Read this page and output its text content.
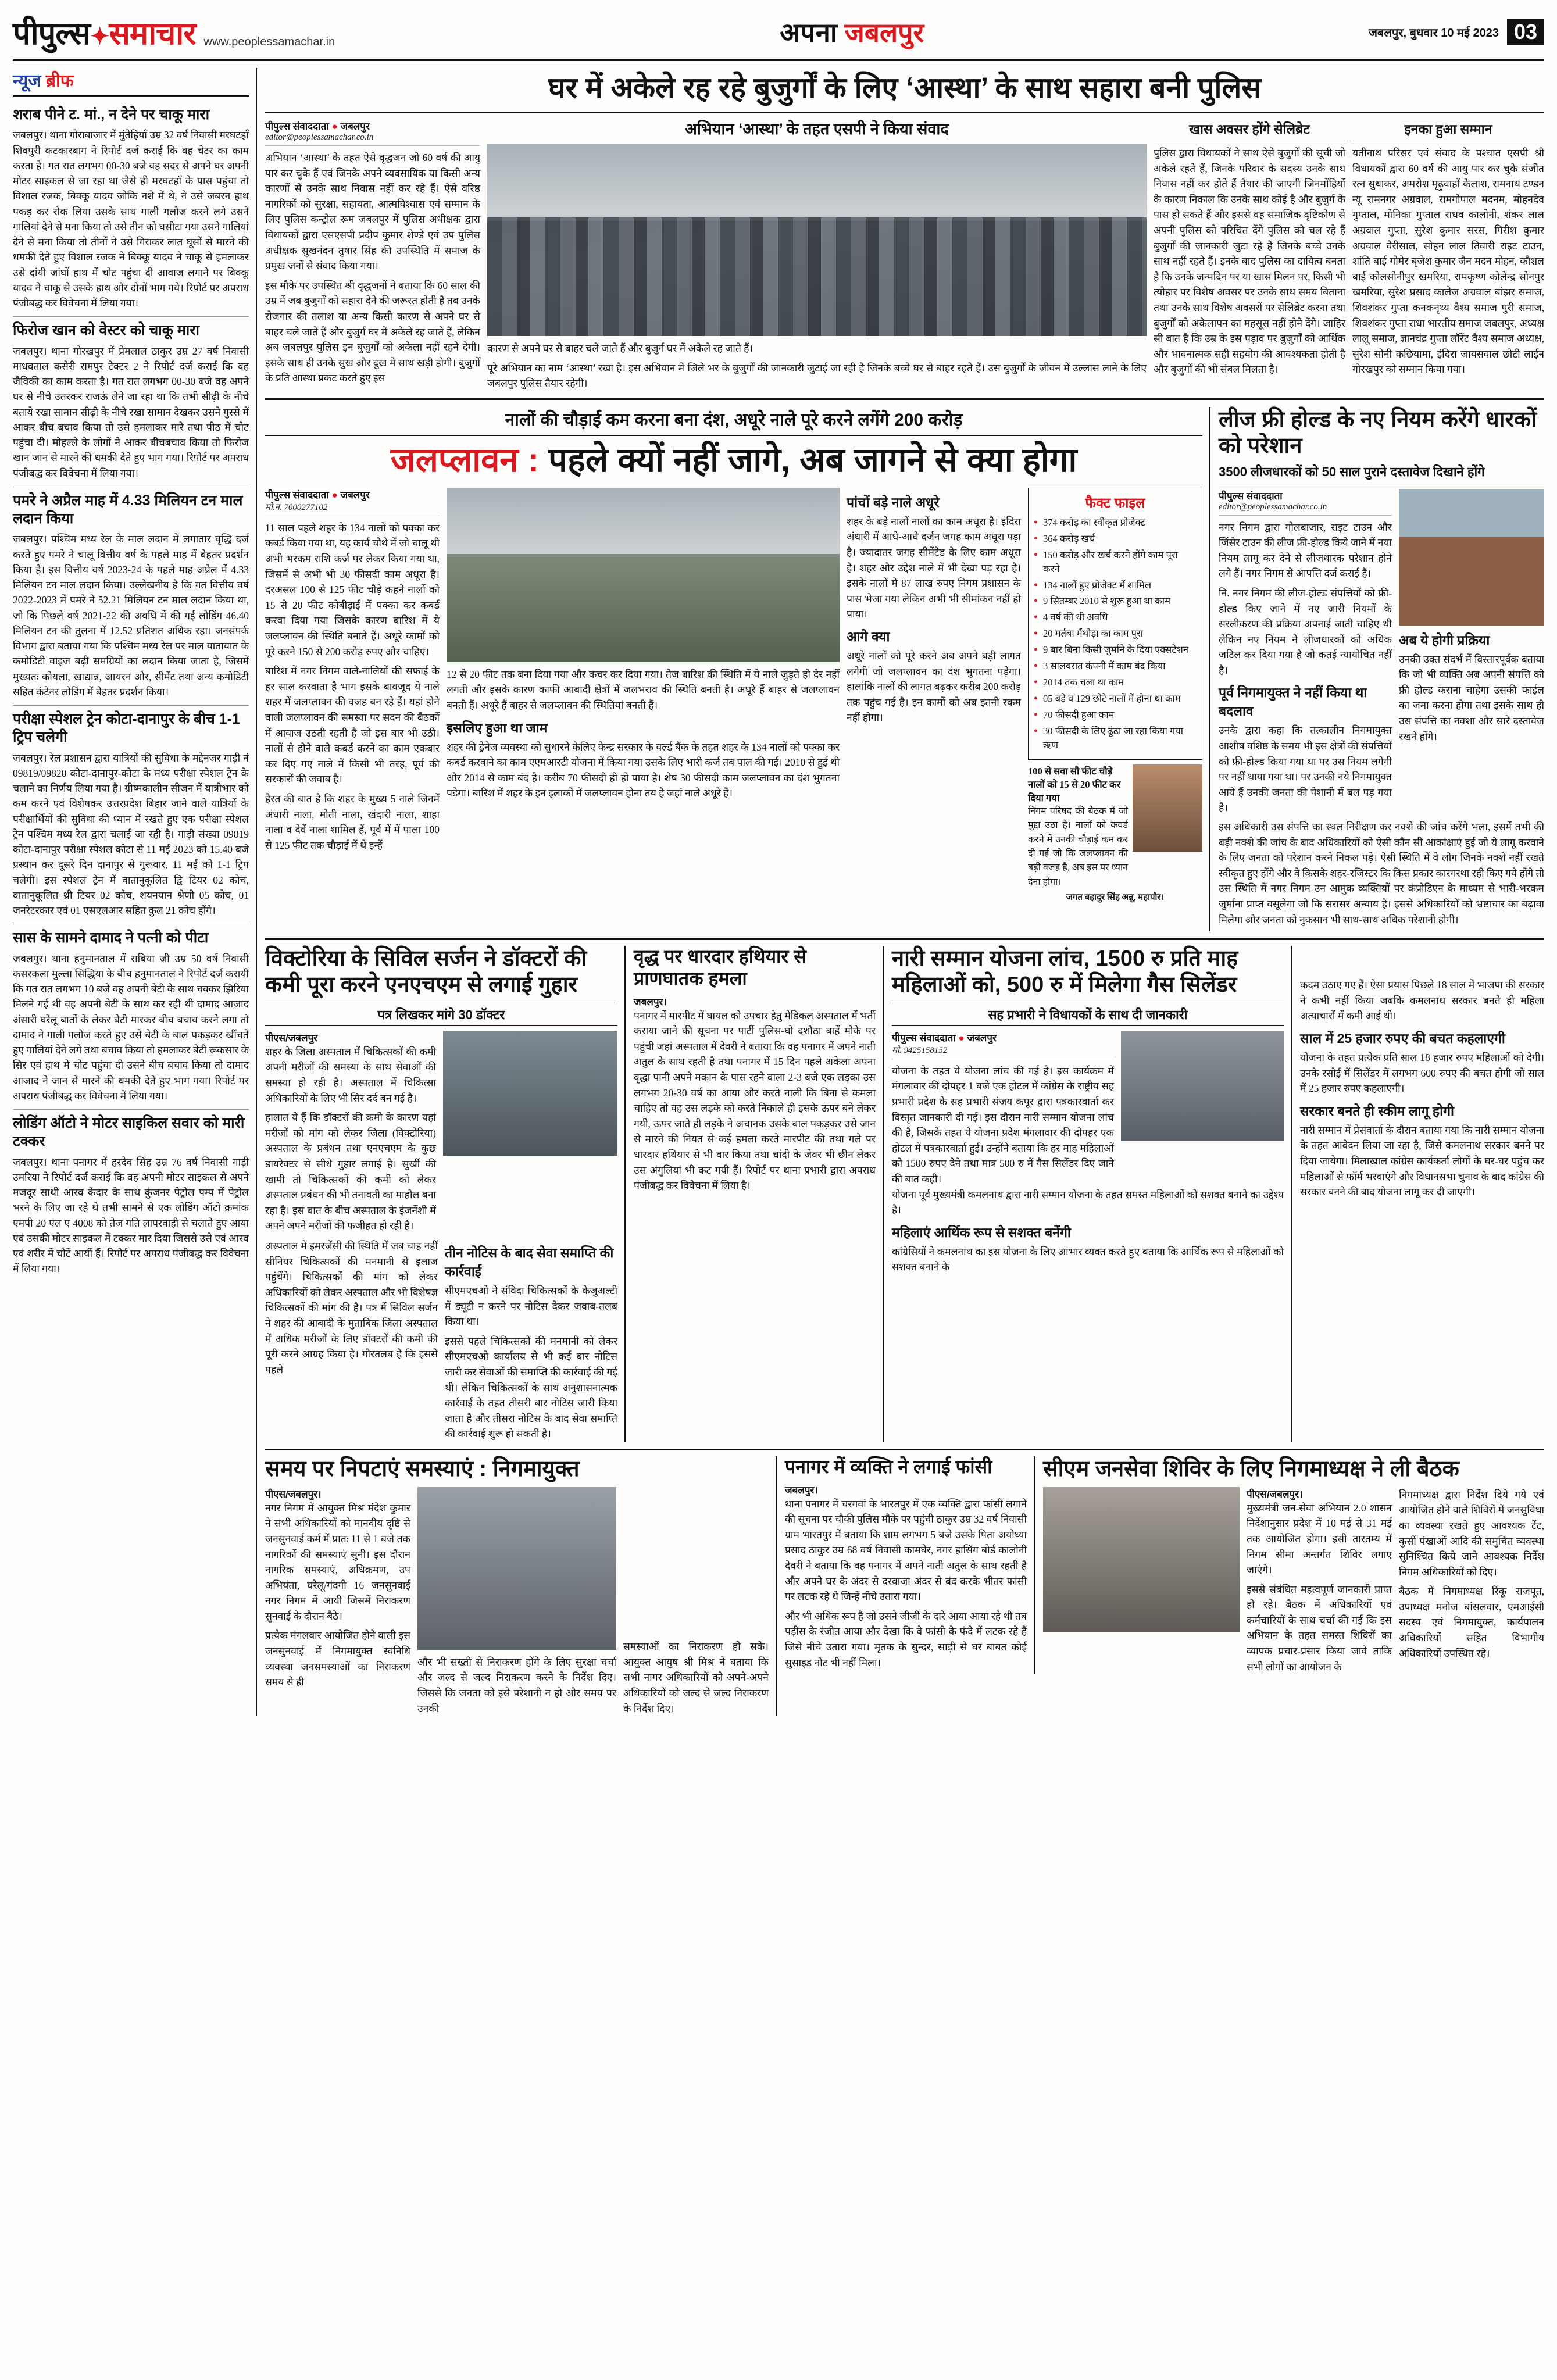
पीपुल्स✦समाचार www.peoplessamachar.in	अपना जबलपुर	जबलपुर, बुधवार 10 मई 2023 03
न्यूज ब्रीफ
शराब पीने ट. मां., न देने पर चाकू मारा
जबलपुर। थाना गोराबाजार में मुंतेहियाँ उम्र 32 वर्ष निवासी मरघटहाँ शिवपुरी कटकारबाग ने रिपोर्ट दर्ज कराई कि वह चेटर का काम करता है। गत रात लगभग 00-30 बजे वह सदर से अपने घर अपनी मोटर साइकल से जा रहा था जैसे ही मरघटहाँ के पास पहुंचा तो विशाल रजक, बिक्कू यादव जोकि नशे में थे, ने उसे जबरन हाथ पकड़ कर रोक लिया उसके साथ गाली गलौज करने लगे उसने गालियां देने से मना किया तो उसे तीन को घसीटा गया उसने गालियां देने से मना किया तो तीनों ने उसे गिराकर लात घूसों से मारने की धमकी देते हुए विशाल रजक ने बिक्कू यादव ने चाकू से हमलाकर उसे दांयी जांघों हाथ में चोट पहुंचा दी आवाज लगाने पर बिक्कू यादव ने चाकू से उसके हाथ और दोनों भाग गये। रिपोर्ट पर अपराध पंजीबद्ध कर विवेचना में लिया गया।
फिरोज खान को वेस्टर को चाकू मारा
जबलपुर। थाना गोरखपुर में प्रेमलाल ठाकुर उम्र 27 वर्ष निवासी माधवताल कसेरी रामपुर टेक्टर 2 ने रिपोर्ट दर्ज कराई कि वह जैविकी का काम करता है। गत रात लगभग 00-30 बजे वह अपने घर से नीचे उतरकर राजऊं लेने जा रहा था कि तभी सीढ़ी के नीचे बताये रखा सामान सीढ़ी के नीचे रखा सामान देखकर उसने गुस्से में आकर बीच बचाव किया तो उसे हमलाकर मारे तथा पीठ में चोट पहुंचा दी। मोहल्ले के लोगों ने आकर बीचबचाव किया तो फिरोज खान जान से मारने की धमकी देते हुए भाग गया। रिपोर्ट पर अपराध पंजीबद्ध कर विवेचना में लिया गया।
पमरे ने अप्रैल माह में 4.33 मिलियन टन माल लदान किया
जबलपुर। पश्चिम मध्य रेल के माल लदान में लगातार वृद्धि दर्ज करते हुए पमरे ने चालू वित्तीय वर्ष के पहले माह में बेहतर प्रदर्शन किया है। इस वित्तीय वर्ष 2023-24 के पहले माह अप्रैल में 4.33 मिलियन टन माल लदान किया। उल्लेखनीय है कि गत वित्तीय वर्ष 2022-2023 में पमरे ने 52.21 मिलियन टन माल लदान किया था, जो कि पिछले वर्ष 2021-22 की अवधि में की गई लोडिंग 46.40 मिलियन टन की तुलना में 12.52 प्रतिशत अधिक रहा। जनसंपर्क विभाग द्वारा बताया गया कि पश्चिम मध्य रेल पर माल यातायात के कमोडिटी वाइज बढ़ी समग्रियों का लदान किया जाता है, जिसमें मुख्यतः कोयला, खाद्यान्न, आयरन ओर, सीमेंट तथा अन्य कमोडिटी सहित कंटेनर लोडिंग में बेहतर प्रदर्शन किया।
परीक्षा स्पेशल ट्रेन कोटा-दानापुर के बीच 1-1 ट्रिप चलेगी
जबलपुर। रेल प्रशासन द्वारा यात्रियों की सुविधा के मद्देनजर गाड़ी नं 09819/09820 कोटा-दानापुर-कोटा के मध्य परीक्षा स्पेशल ट्रेन के चलाने का निर्णय लिया गया है। ग्रीष्मकालीन सीजन में यात्रीभार को कम करने एवं विशेषकर उत्तरप्रदेश बिहार जाने वाले यात्रियों के परीक्षार्थियों की सुविधा की ध्यान में रखते हुए एक परीक्षा स्पेशल ट्रेन पश्चिम मध्य रेल द्वारा चलाई जा रही है। गाड़ी संख्या 09819 कोटा-दानापुर परीक्षा स्पेशल कोटा से 11 मई 2023 को 15.40 बजे प्रस्थान कर दूसरे दिन दानापुर से गुरूवार, 11 मई को 1-1 ट्रिप चलेगी। इस स्पेशल ट्रेन में वातानुकूलित द्वि टियर 02 कोच, वातानुकूलित थ्री टियर 02 कोच, शयनयान श्रेणी 05 कोच, 01 जनरेटरकार एवं 01 एसएलआर सहित कुल 21 कोच होंगे।
सास के सामने दामाद ने पत्नी को पीटा
जबलपुर। थाना हनुमानताल में राबिया जी उम्र 50 वर्ष निवासी कसरकला मुल्ला सिद्धिया के बीच हनुमानताल ने रिपोर्ट दर्ज करायी कि गत रात लगभग 10 बजे वह अपनी बेटी के साथ चक्कर झिरिया मिलने गई थी वह अपनी बेटी के साथ कर रही थी दामाद आजाद अंसारी घरेलू बातों के लेकर बेटी मारकर बीच बचाव करने लगा तो दामाद ने गाली गलौज करते हुए उसे बेटी के बाल पकड़कर खींचते हुए गालियां देने लगे तथा बचाव किया तो हमलाकर बेटी रूकसार के सिर एवं हाथ में चोट पहुंचा दी उसने बीच बचाव किया तो दामाद आजाद ने जान से मारने की धमकी देते हुए भाग गया। रिपोर्ट पर अपराध पंजीबद्ध कर विवेचना में लिया गया।
लोडिंग ऑटो ने मोटर साइकिल सवार को मारी टक्कर
जबलपुर। थाना पनागर में हरदेव सिंह उम्र 76 वर्ष निवासी गाड़ी उमरिया ने रिपोर्ट दर्ज कराई कि वह अपनी मोटर साइकल से अपने मजदूर साथी आरव केदार के साथ कुंजनर पेट्रोल पम्प में पेट्रोल भरने के लिए जा रहे थे तभी सामने से एक लोडिंग ऑटो क्रमांक एमपी 20 एल ए 4008 को तेज गति लापरवाही से चलाते हुए आया एवं उसकी मोटर साइकल में टक्कर मार दिया जिससे उसे एवं आरव एवं शरीर में चोटें आयीं हैं। रिपोर्ट पर अपराध पंजीबद्ध कर विवेचना में लिया गया।
घर में अकेले रह रहे बुजुर्गों के लिए ‘आस्था’ के साथ सहारा बनी पुलिस
पीपुल्स संवाददाता ● जबलपुर
editor@peoplessamachar.co.in
अभियान ‘आस्था’ के तहत ऐसे वृद्धजन जो 60 वर्ष की आयु पार कर चुके हैं एवं जिनके अपने व्यवसायिक या किसी अन्य कारणों से उनके साथ निवास नहीं कर रहे हैं। ऐसे वरिष्ठ नागरिकों को सुरक्षा, सहायता, आत्मविश्वास एवं सम्मान के लिए पुलिस कन्ट्रोल रूम जबलपुर में पुलिस अधीक्षक द्वारा विधायकों द्वारा एसएसपी प्रदीप कुमार शेण्डे एवं उप पुलिस अधीक्षक सुखनंदन तुषार सिंह की उपस्थिति में समाज के प्रमुख जनों से संवाद किया गया।
इस मौके पर उपस्थित श्री वृद्धजनों ने बताया कि 60 साल की उम्र में जब बुजुर्गों को सहारा देने की जरूरत होती है तब उनके रोजगार की तलाश या अन्य किसी कारण से अपने घर से बाहर चले जाते हैं और बुजुर्ग घर में अकेले रह जाते हैं, लेकिन अब जबलपुर पुलिस इन बुजुर्गों को अकेला नहीं रहने देगी। इसके साथ ही उनके सुख और दुख में साथ खड़ी होगी। बुजुर्गों के प्रति आस्था प्रकट करते हुए इस
अभियान ‘आस्था’ के तहत एसपी ने किया संवाद
कारण से अपने घर से बाहर चले जाते हैं और बुजुर्ग घर में अकेले रह जाते हैं।
पूरे अभियान का नाम ‘आस्था’ रखा है। इस अभियान में जिले भर के बुजुर्गों की जानकारी जुटाई जा रही है जिनके बच्चे घर से बाहर रहते हैं। उस बुजुर्गों के जीवन में उल्लास लाने के लिए जबलपुर पुलिस तैयार रहेगी।
खास अवसर होंगे सेलिब्रेट
पुलिस द्वारा विधायकों ने साथ ऐसे बुजुर्गों की सूची जो अकेले रहते हैं, जिनके परिवार के सदस्य उनके साथ निवास नहीं कर होते हैं तैयार की जाएगी जिनमोंहियों के कारण निकाल कि उनके साथ कोई है और बुजुर्ग के पास हो सकते हैं और इससे वह समाजिक दृष्टिकोण से अपनी पुलिस को परिचित देंगे पुलिस को चल रहे हैं बुजुर्गों की जानकारी जुटा रहे हैं जिनके बच्चे उनके साथ नहीं रहते हैं। इनके बाद पुलिस का दायित्व बनता है कि उनके जन्मदिन पर या खास मिलन पर, किसी भी त्यौहार पर विशेष अवसर पर उनके साथ समय बिताना तथा उनके साथ विशेष अवसरों पर सेलिब्रेट करना तथा बुजुर्गों को अकेलापन का महसूस नहीं होने देंगे। जाहिर सी बात है कि उम्र के इस पड़ाव पर बुजुर्गों को आर्थिक और भावनात्मक सही सहयोग की आवश्यकता होती है और बुजुर्गों की भी संबल मिलता है।
इनका हुआ सम्मान
यतीनाथ परिसर एवं संवाद के पश्चात एसपी श्री विधायकों द्वारा 60 वर्ष की आयु पार कर चुके संजीत रत्न सुधाकर, अमरोश मृढ़ुवाहों कैलाश, रामनाथ टण्डन न्यू रामनगर अग्रवाल, रामगोपाल मदनम, मोहनदेव गुप्ताल, मोनिका गुप्ताल राधव कालोनी, शंकर लाल अग्रवाल गुप्ता, सुरेश कुमार सरस, गिरीश कुमार अग्रवाल वैरीसाल, सोहन लाल तिवारी राइट टाउन, शांति बाई गोमेर बृजेश कुमार जैन मदन मोहन, कौशल बाई कोलसोनीपुर खमरिया, रामकृष्ण कोलेन्द्र सोनपुर खमरिया, सुरेश प्रसाद कालेज अग्रवाल बांझर समाज, शिवशंकर गुप्ता कनकनृथ्य वैश्य समाज पुरी समाज, शिवशंकर गुप्ता राधा भारतीय समाज जबलपुर, अध्यक्ष लालू समाज, ज्ञानचंद्र गुप्ता लॉरेंट वैश्य समाज अध्यक्ष, सुरेश सोनी कछियामा, इंदिरा जायसवाल छोटी लाईन गोरखपुर को सम्मान किया गया।
नालों की चौड़ाई कम करना बना दंश, अधूरे नाले पूरे करने लगेंगे 200 करोड़
जलप्लावन : पहले क्यों नहीं जागे, अब जागने से क्या होगा
पीपुल्स संवाददाता ● जबलपुर
मो.नं. 7000277102
11 साल पहले शहर के 134 नालों को पक्का कर कबर्ड किया गया था, यह कार्य चौथे में जो चालू थी अभी भरकम राशि कर्ज पर लेकर किया गया था, जिसमें से अभी भी 30 फीसदी काम अधूरा है। दरअसल 100 से 125 फीट चौड़े कहने नालों को 15 से 20 फीट कोबीड़ाई में पक्का कर कबर्ड करवा दिया गया जिसके कारण बारिश में ये जलप्लावन की स्थिति बनाते हैं। अधूरे कामों को पूरे करने 150 से 200 करोड़ रुपए और चाहिए।
बारिश में नगर निगम वाले-नालियों की सफाई के हर साल करवाता है भाग इसके बावजूद ये नाले शहर में जलप्लावन की वजह बन रहे हैं। यहां होने वाली जलप्लावन की समस्या पर सदन की बैठकों में आवाज उठती रहती है जो इस बार भी उठी। नालों से होने वाले कबर्ड करने का काम एकबार कर दिए गए नाले में किसी भी तरह, पूर्व की सरकारों की जवाब है।
हैरत की बात है कि शहर के मुख्य 5 नाले जिनमें अंधारी नाला, मोती नाला, खंदारी नाला, शाहा नाला व देवें नाला शामिल हैं, पूर्व में में पाला 100 से 125 फीट तक चौड़ाई में थे इन्हें
12 से 20 फीट तक बना दिया गया और कचर कर दिया गया। तेज बारिश की स्थिति में ये नाले जुड़ते हो देर नहीं लगती और इसके कारण काफी आबादी क्षेत्रों में जलभराव की स्थिति बनती है। अधूरे हैं बाहर से जलप्लावन बनती हैं। अधूरे हैं बाहर से जलप्लावन की स्थितियां बनती हैं।
इसलिए हुआ था जाम
शहर की ड्रेनेज व्यवस्था को सुधारने केलिए केन्द्र सरकार के वर्ल्ड बैंक के तहत शहर के 134 नालों को पक्का कर कबर्ड करवाने का काम एएमआरटी योजना में किया गया उसके लिए भारी कर्ज तब पाल की गई। 2010 से हुई थी और 2014 से काम बंद है। करीब 70 फीसदी ही हो पाया है। शेष 30 फीसदी काम जलप्लावन का दंश भुगतना पड़ेगा। बारिश में शहर के इन इलाकों में जलप्लावन होना तय है जहां नाले अधूरे हैं।
पांचों बड़े नाले अधूरे
शहर के बड़े नालों नालों का काम अधूरा है। इंदिरा अंधारी में आधे-आधे दर्जन जगह काम अधूरा पड़ा है। ज्यादातर जगह सीमेंटेड के लिए काम अधूरा है। शहर और उद्देश नाले में भी देखा पड़ रहा है। इसके नालों में 87 लाख रुपए निगम प्रशासन के पास भेजा गया लेकिन अभी भी सीमांकन नहीं हो पाया।
आगे क्या
अधूरे नालों को पूरे करने अब अपने बड़ी लागत लगेगी जो जलप्लावन का दंश भुगतना पड़ेगा। हालांकि नालों की लागत बढ़कर करीब 200 करोड़ तक पहुंच गई है। इन कामों को अब इतनी रकम नहीं होगा।
फैक्ट फाइल
● 374 करोड़ का स्वीकृत प्रोजेक्ट
● 364 करोड़ खर्च
● 150 करोड़ और खर्च करने होंगे काम पूरा करने
● 134 नालों हुए प्रोजेक्ट में शामिल
● 9 सितम्बर 2010 से शुरू हुआ था काम
● 4 वर्ष की थी अवधि
● 20 मर्तबा मैंथोड़ा का काम पूरा
● 9 बार बिना किसी जुर्माने के दिया एक्सटेंशन
● 3 सालवरात कंपनी में काम बंद किया
● 2014 तक चला था काम
● 05 बड़े व 129 छोटे नालों में होना था काम
● 70 फीसदी हुआ काम
● 30 फीसदी के लिए ढूंढा जा रहा किया गया ऋण
100 से सवा सौ फीट चौड़े नालों को 15 से 20 फीट कर दिया गया
निगम परिषद की बैठक में जो मुद्दा उठा है। नालों को कवर्ड करने में उनकी चौड़ाई कम कर दी गई जो कि जलप्लावन की बड़ी वजह है, अब इस पर ध्यान देना होगा।
जगत बहादुर सिंह अन्नू, महापौर।
लीज फ्री होल्ड के नए नियम करेंगे धारकों को परेशान
3500 लीजधारकों को 50 साल पुराने दस्तावेज दिखाने होंगे
पीपुल्स संवाददाता
editor@peoplessamachar.co.in
नगर निगम द्वारा गोलबाजार, राइट टाउन और जिंसेर टाउन की लीज फ्री-होल्ड किये जाने में नया नियम लागू कर देने से लीजधारक परेशान होने लगे हैं। नगर निगम से आपत्ति दर्ज कराई है।
नि. नगर निगम की लीज-होल्ड संपत्तियों को फ्री-होल्ड किए जाने में नए जारी नियमों के सरलीकरण की प्रक्रिया अपनाई जाती चाहिए थी लेकिन नए नियम ने लीजधारकों को अधिक जटिल कर दिया गया है जो कतई न्यायोचित नहीं है।
पूर्व निगमायुक्त ने नहीं किया था बदलाव
उनके द्वारा कहा कि तत्कालीन निगमायुक्त आशीष वशिष्ठ के समय भी इस क्षेत्रों की संपत्तियों को फ्री-होल्ड किया गया था पर उस नियम लगेगी पर नहीं थाया गया था। पर उनकी नये निगमायुक्त आये हैं उनकी जनता की पेशानी में बल पड़ गया है।
अब ये होगी प्रक्रिया
उनकी उक्त संदर्भ में विस्तारपूर्वक बताया कि जो भी व्यक्ति अब अपनी संपत्ति को फ्री होल्ड कराना चाहेगा उसकी फाईल का जमा करना होगा तथा इसके साथ ही उस संपत्ति का नक्शा और सारे दस्तावेज रखने होंगे।
इस अधिकारी उस संपत्ति का स्थल निरीक्षण कर नक्शे की जांच करेंगे भला, इसमें तभी की बड़ी नक्शे की जांच के बाद अधिकारियों को ऐसी कौन सी आकांक्षाएं हुई जो ये लागू करवाने के लिए जनता को परेशान करने निकल पड़े। ऐसी स्थिति में वे लोग जिनके नक्शे नहीं रखते स्वीकृत हुए होंगे और वे किसके शहर-रजिस्टर कि किस प्रकार कारगरथा रही किए गये होंगे तो उस स्थिति में नगर निगम उन आमुक व्यक्तियों पर कंप्रोडिएन के माध्यम से भारी-भरकम जुर्माना प्राप्त वसूलेगा जो कि सरासर अन्याय है। इससे अधिकारियों को भ्रष्टाचार का बढ़ावा मिलेगा और जनता को नुकसान भी साथ-साथ अधिक परेशानी होगी।
विक्टोरिया के सिविल सर्जन ने डॉक्टरों की कमी पूरा करने एनएचएम से लगाई गुहार
पत्र लिखकर मांगे 30 डॉक्टर
पीएस/जबलपुर
शहर के जिला अस्पताल में चिकित्सकों की कमी अपनी मरीजों की समस्या के साथ सेवाओं की समस्या हो रही है। अस्पताल में चिकित्सा अधिकारियों के लिए भी सिर दर्द बन गई है।
हालात ये हैं कि डॉक्टरों की कमी के कारण यहां मरीजों को मांग को लेकर जिला (विक्टोरिया) अस्पताल के प्रबंधन तथा एनएचएम के कुछ डायरेक्टर से सीधे गुहार लगाई है। सुर्खी की खामी तो चिकित्सकों की कमी को लेकर अस्पताल प्रबंधन की भी तनावती का माहौल बना रहा है। इस बात के बीच अस्पताल के इंजर्नेशी में अपने अपने मरीजों की फजीहत हो रही है।
अस्पताल में इमरजेंसी की स्थिति में जब चाह नहीं सीनियर चिकित्सकों की मनमानी से इलाज पहुंचेंगे। चिकित्सकों की मांग को लेकर अधिकारियों को लेकर अस्पताल और भी विशेषज्ञ चिकित्सकों की मांग की है। पत्र में सिविल सर्जन ने शहर की आबादी के मुताबिक जिला अस्पताल में अधिक मरीजों के लिए डॉक्टरों की कमी की पूरी करने आग्रह किया है। गौरतलब है कि इससे पहले
तीन नोटिस के बाद सेवा समाप्ति की कार्रवाई
सीएमएचओ ने संविदा चिकित्सकों के केजुअल्टी में ड्यूटी न करने पर नोटिस देकर जवाब-तलब किया था।
इससे पहले चिकित्सकों की मनमानी को लेकर सीएमएचओ कार्यालय से भी कई बार नोटिस जारी कर सेवाओं की समाप्ति की कार्रवाई की गई थी। लेकिन चिकित्सकों के साथ अनुशासनात्मक कार्रवाई के तहत तीसरी बार नोटिस जारी किया जाता है और तीसरा नोटिस के बाद सेवा समाप्ति की कार्रवाई शुरू हो सकती है।
वृद्ध पर धारदार हथियार से प्राणघातक हमला
जबलपुर।
पनागर में मारपीट में घायल को उपचार हेतु मेडिकल अस्पताल में भर्ती कराया जाने की सूचना पर पार्टी पुलिस-घो दशौठा बाहें मौके पर पहुंची जहां अस्पताल में देवरी ने बताया कि वह पनागर में अपने नाती अतुल के साथ रहती है तथा पनागर में 15 दिन पहले अकेला अपना वृद्धा पानी अपने मकान के पास रहने वाला 2-3 बजे एक लड़का उस लगभग 20-30 वर्ष का आया और करते नाली कि बिना से कमला चाहिए तो वह उस लड़के को करते निकाले ही इसके ऊपर बने लेकर गयी, ऊपर जाते ही लड़के ने अचानक उसके बाल पकड़कर उसे जान से मारने की नियत से कई हमला करते मारपीट की तथा गले पर धारदार हथियार से भी वार किया तथा चांदी के जेवर भी छीन लेकर उस अंगुलियां भी कट गयी हैं। रिपोर्ट पर थाना प्रभारी द्वारा अपराध पंजीबद्ध कर विवेचना में लिया है।
नारी सम्मान योजना लांच, 1500 रु प्रति माह महिलाओं को, 500 रु में मिलेगा गैस सिलेंडर
सह प्रभारी ने विधायकों के साथ दी जानकारी
पीपुल्स संवाददाता ● जबलपुर
मो. 9425158152
योजना के तहत ये योजना लांच की गई है। इस कार्यक्रम में मंगलावार की दोपहर 1 बजे एक होटल में कांग्रेस के राष्ट्रीय सह प्रभारी प्रदेश के सह प्रभारी संजय कपूर द्वारा पत्रकारवार्ता कर विस्तृत जानकारी दी गई। इस दौरान नारी सम्मान योजना लांच की है, जिसके तहत ये योजना प्रदेश मंगलावार की दोपहर एक होटल में पत्रकारवार्ता हुई। उन्होंने बताया कि हर माह महिलाओं को 1500 रुपए देने तथा मात्र 500 रु में गैस सिलेंडर दिए जाने की बात कही।
योजना पूर्व मुख्यमंत्री कमलनाथ द्वारा नारी सम्मान योजना के तहत समस्त महिलाओं को सशक्त बनाने का उद्देश्य है।
महिलाएं आर्थिक रूप से सशक्त बनेंगी
कांग्रेसियों ने कमलनाथ का इस योजना के लिए आभार व्यक्त करते हुए बताया कि आर्थिक रूप से महिलाओं को सशक्त बनाने के
कदम उठाए गए हैं। ऐसा प्रयास पिछले 18 साल में भाजपा की सरकार ने कभी नहीं किया जबकि कमलनाथ सरकार बनते ही महिला अत्याचारों में कमी आई थी।
साल में 25 हजार रुपए की बचत कहलाएगी
योजना के तहत प्रत्येक प्रति साल 18 हजार रुपए महिलाओं को देगी। उनके रसोई में सिलेंडर में लगभग 600 रुपए की बचत होगी जो साल में 25 हजार रुपए कहलाएगी।
सरकार बनते ही स्कीम लागू होगी
नारी सम्मान में प्रेसवार्ता के दौरान बताया गया कि नारी सम्मान योजना के तहत आवेदन लिया जा रहा है, जिसे कमलनाथ सरकार बनने पर दिया जायेगा। मिलाखाल कांग्रेस कार्यकर्ता लोगों के घर-घर पहुंच कर महिलाओं से फॉर्म भरवाएंगे और विधानसभा चुनाव के बाद कांग्रेस की सरकार बनने की बाद योजना लागू कर दी जाएगी।
समय पर निपटाएं समस्याएं : निगमायुक्त
पीएस/जबलपुर।
नगर निगम में आयुक्त मिश्र मंदेश कुमार ने सभी अधिकारियों को मानवीय दृष्टि से जनसुनवाई कर्म में प्रातः 11 से 1 बजे तक नागरिकों की समस्याएं सुनी। इस दौरान नागरिक समस्याएं, अधिक्रमण, उप अभियंता, घरेलू/गंदगी 16 जनसुनवाई नगर निगम में आयी जिसमें निराकरण सुनवाई के दौरान बैठे।
प्रत्येक मंगलवार आयोजित होने वाली इस जनसुनवाई में निगमायुक्त स्वनिधि व्यवस्था जनसमस्याओं का निराकरण समय से ही
और भी सख्ती से निराकरण होंगे के लिए सुरक्षा चर्चा और जल्द से जल्द निराकरण करने के निर्देश दिए। जिससे कि जनता को इसे परेशानी न हो और समय पर उनकी
समस्याओं का निराकरण हो सके। आयुक्त आयुष श्री मिश्र ने बताया कि सभी नागर अधिकारियों को अपने-अपने अधिकारियों को जल्द से जल्द निराकरण के निर्देश दिए।
पनागर में व्यक्ति ने लगाई फांसी
जबलपुर।
थाना पनागर में चरगवां के भारतपुर में एक व्यक्ति द्वारा फांसी लगाने की सूचना पर चौकी पुलिस मौके पर पहुंची ठाकुर उम्र 32 वर्ष निवासी ग्राम भारतपुर में बताया कि शाम लगभग 5 बजे उसके पिता अयोध्या प्रसाद ठाकुर उम्र 68 वर्ष निवासी कामघेर, नगर हासिंग बोर्ड कालोनी देवरी ने बताया कि वह पनागर में अपने नाती अतुल के साथ रहती है और अपने घर के अंदर से दरवाजा अंदर से बंद करके भीतर फांसी पर लटक रहे थे जिन्हें नीचे उतारा गया।
और भी अधिक रूप है जो उसने जीजी के दारे आया आया रहे थी तब पड़ीस के रंजीत आया और देखा कि वे फांसी के फंदे में लटक रहे हैं जिसे नीचे उतारा गया। मृतक के सुन्दर, साड़ी से घर बाबत कोई सुसाइड नोट भी नहीं मिला।
सीएम जनसेवा शिविर के लिए निगमाध्यक्ष ने ली बैठक
पीएस/जबलपुर।
मुख्यमंत्री जन-सेवा अभियान 2.0 शासन निर्देशानुसार प्रदेश में 10 मई से 31 मई तक आयोजित होगा। इसी तारतम्य में निगम सीमा अन्तर्गत शिविर लगाए जाएंगे।
इससे संबंधित महत्वपूर्ण जानकारी प्राप्त हो रहे। बैठक में अधिकारियों एवं कर्मचारियों के साथ चर्चा की गई कि इस अभियान के तहत समस्त शिविरों का व्यापक प्रचार-प्रसार किया जावे ताकि सभी लोगों का आयोजन के
निगमाध्यक्ष द्वारा निर्देश दिये गये एवं आयोजित होने वाले शिविरों में जनसुविधा का व्यवस्था रखते हुए आवश्यक टेंट, कुर्सी पंखाओं आदि की समुचित व्यवस्था सुनिश्चित किये जाने आवश्यक निर्देश निगम अधिकारियों को दिए।
बैठक में निगमाध्यक्ष रिंकू राजपूत, उपाध्यक्ष मनोज बांसलवार, एमआईसी सदस्य एवं निगमायुक्त, कार्यपालन अधिकारियों सहित विभागीय अधिकारियों उपस्थित रहे।
